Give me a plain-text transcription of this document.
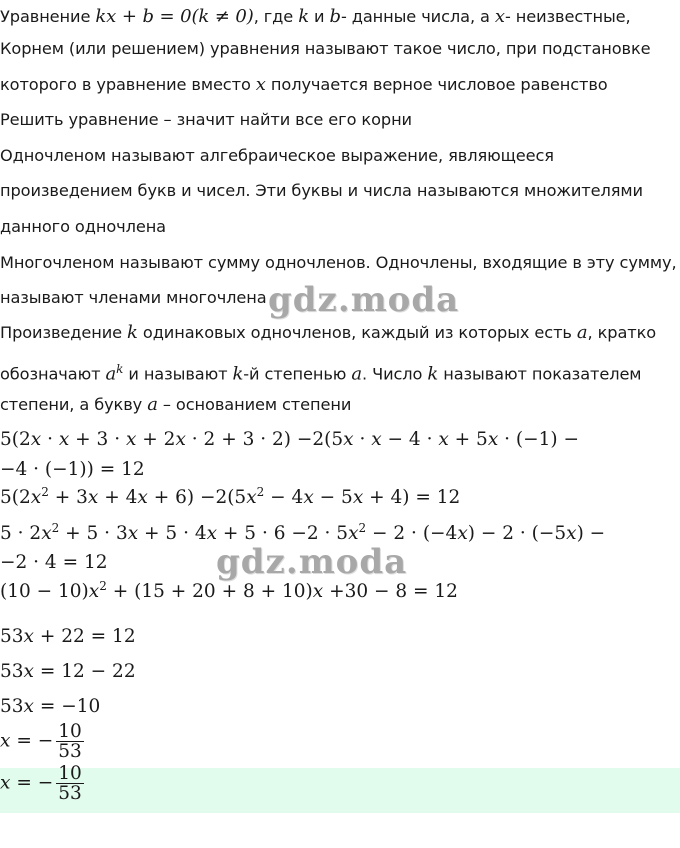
Уравнение kx + b = 0(k ≠ 0), где k и b- данные числа, а x- неизвестные,
Корнем (или решением) уравнения называют такое число, при подстановке
которого в уравнение вместо x получается верное числовое равенство
Решить уравнение – значит найти все его корни
Одночленом называют алгебраическое выражение, являющееся
произведением букв и чисел. Эти буквы и числа называются множителями
данного одночлена
Многочленом называют сумму одночленов. Одночлены, входящие в эту сумму,
называют членами многочлена
Произведение k одинаковых одночленов, каждый из которых есть a, кратко
обозначают $a^k$ и называют k-й степенью a. Число k называют показателем
степени, а букву a – основанием степени
5(2x · x + 3 · x + 2x · 2 + 3 · 2) −2(5x · x − 4 · x + 5x · (−1) −
−4 · (−1)) = 12
$5(2x^2 + 3x + 4x + 6) -2(5x^2 - 4x - 5x + 4) = 12$
$5 \cdot 2x^2 + 5 \cdot 3x + 5 \cdot 4x + 5 \cdot 6 -2 \cdot 5x^2 - 2 \cdot (-4x) - 2 \cdot (-5x)$ −
−2 · 4 = 12
$(10 - 10)x^2 + (15 + 20 + 8 + 10)x +30 - 8 = 12$
53x + 22 = 12
53x = 12 − 22
53x = −10
x = − $\frac{10}{53}$
x = − $\frac{10}{53}$
gdz.moda
gdz.moda
